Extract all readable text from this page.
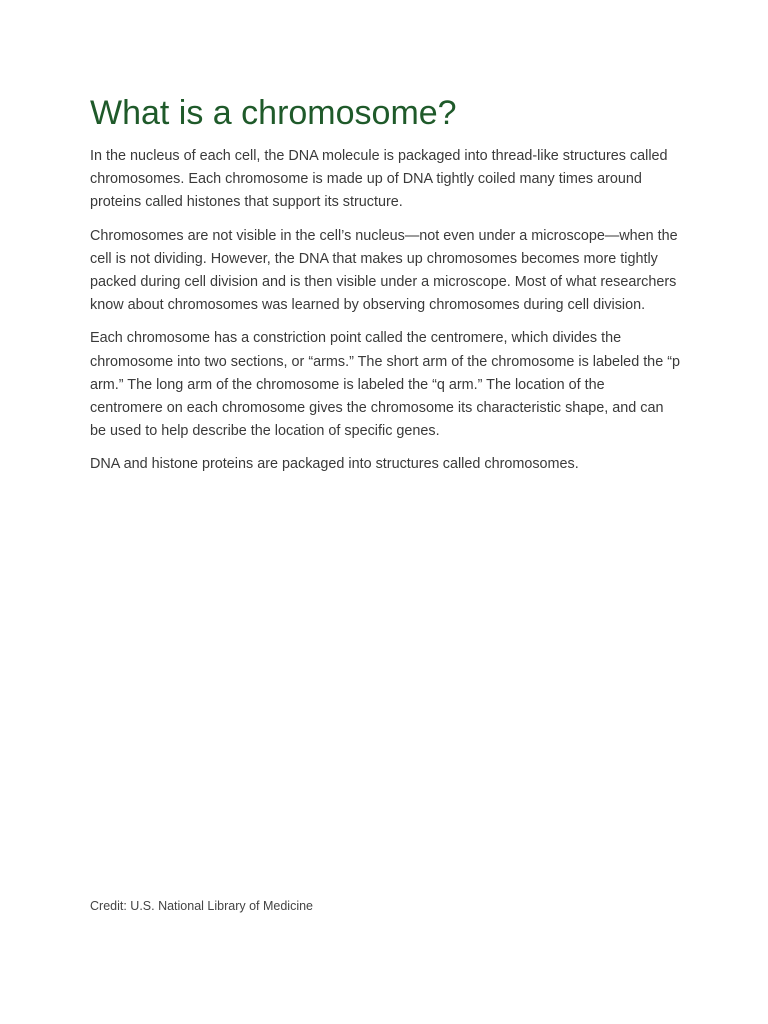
What is a chromosome?

In the nucleus of each cell, the DNA molecule is packaged into thread-like structures called chromosomes. Each chromosome is made up of DNA tightly coiled many times around proteins called histones that support its structure.

Chromosomes are not visible in the cell’s nucleus—not even under a microscope—when the cell is not dividing. However, the DNA that makes up chromosomes becomes more tightly packed during cell division and is then visible under a microscope. Most of what researchers know about chromosomes was learned by observing chromosomes during cell division.

Each chromosome has a constriction point called the centromere, which divides the chromosome into two sections, or “arms.” The short arm of the chromosome is labeled the “p arm.” The long arm of the chromosome is labeled the “q arm.” The location of the centromere on each chromosome gives the chromosome its characteristic shape, and can be used to help describe the location of specific genes.

DNA and histone proteins are packaged into structures called chromosomes.

Credit: U.S. National Library of Medicine
